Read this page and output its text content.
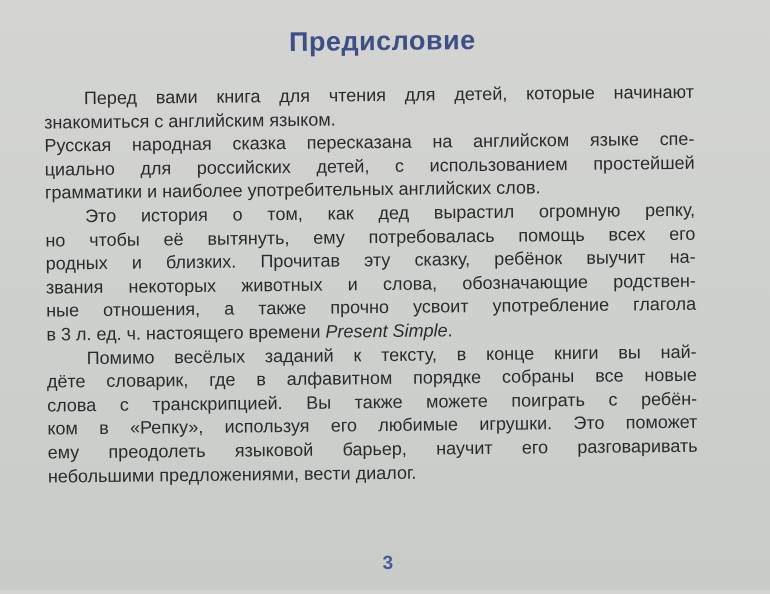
Предисловие
Перед вами книга для чтения для детей, которые начинают
знакомиться с английским языком.
Русская народная сказка пересказана на английском языке спе-
циально для российских детей, с использованием простейшей
грамматики и наиболее употребительных английских слов.
Это история о том, как дед вырастил огромную репку,
но чтобы её вытянуть, ему потребовалась помощь всех его
родных и близких. Прочитав эту сказку, ребёнок выучит на-
звания некоторых животных и слова, обозначающие родствен-
ные отношения, а также прочно усвоит употребление глагола
в 3 л. ед. ч. настоящего времени Present Simple.
Помимо весёлых заданий к тексту, в конце книги вы най-
дёте словарик, где в алфавитном порядке собраны все новые
слова с транскрипцией. Вы также можете поиграть с ребён-
ком в «Репку», используя его любимые игрушки. Это поможет
ему преодолеть языковой барьер, научит его разговаривать
небольшими предложениями, вести диалог.
3
